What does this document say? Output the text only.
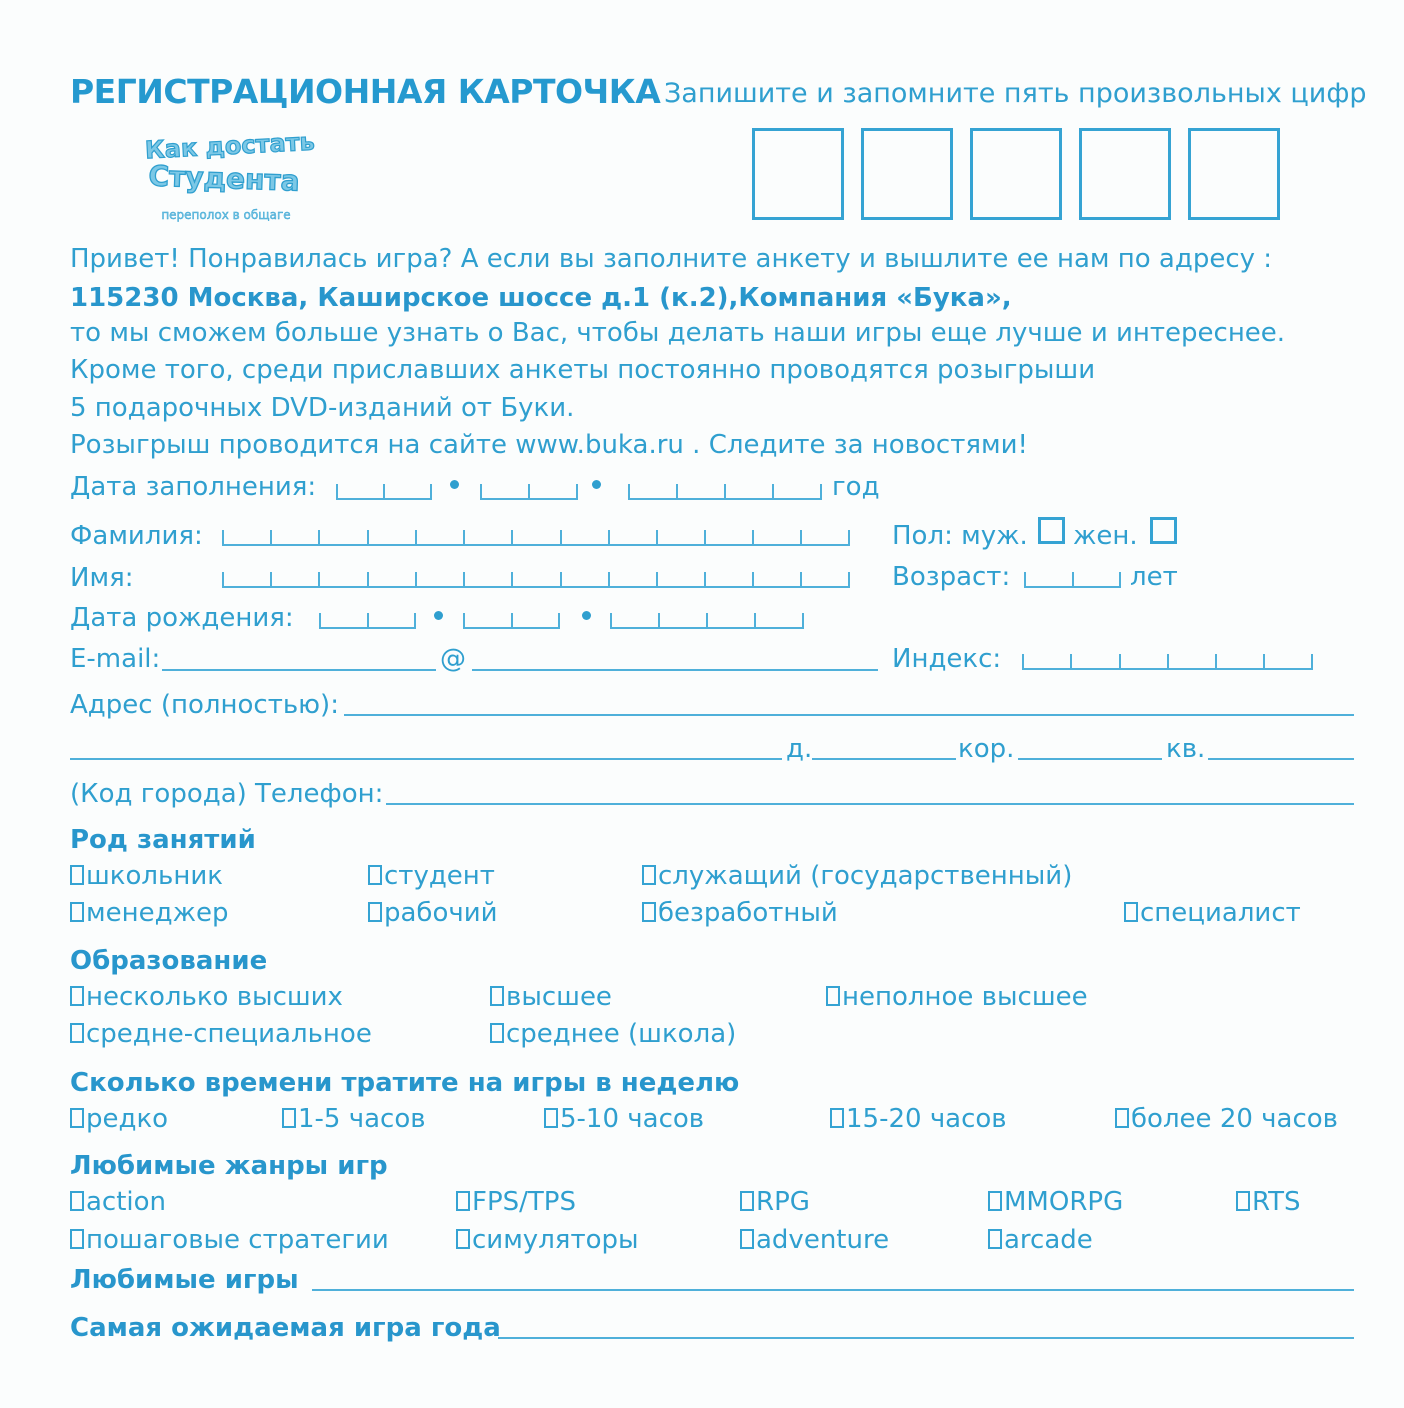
РЕГИСТРАЦИОННАЯ КАРТОЧКА Запишите и запомните пять произвольных цифр
Как достать
Студента
переполох в общаге
Привет! Понравилась игра? А если вы заполните анкету и вышлите ее нам по адресу :
115230 Москва, Каширское шоссе д.1 (к.2),Компания «Бука»,
то мы сможем больше узнать о Вас, чтобы делать наши игры еще лучше и интереснее.
Кроме того, среди приславших анкеты постоянно проводятся розыгрыши
5 подарочных DVD-изданий от Буки.
Розыгрыш проводится на сайте www.buka.ru . Следите за новостями!
Дата заполнения:	год
Фамилия:	Пол: муж. жен.
Имя:	Возраст:	лет
Дата рождения:
E-mail:	@	Индекс:
Адрес (полностью):
д.	кор.	кв.
(Код города) Телефон:
Род занятий
школьник	студент	служащий (государственный)
менеджер	рабочий	безработный	специалист
Образование
несколько высших	высшее	неполное высшее
средне-специальное	среднее (школа)
Сколько времени тратите на игры в неделю
редко	1-5 часов	5-10 часов	15-20 часов	более 20 часов
Любимые жанры игр
action	FPS/TPS	RPG	MMORPG	RTS
пошаговые стратегии	симуляторы	adventure	arcade
Любимые игры
Самая ожидаемая игра года
